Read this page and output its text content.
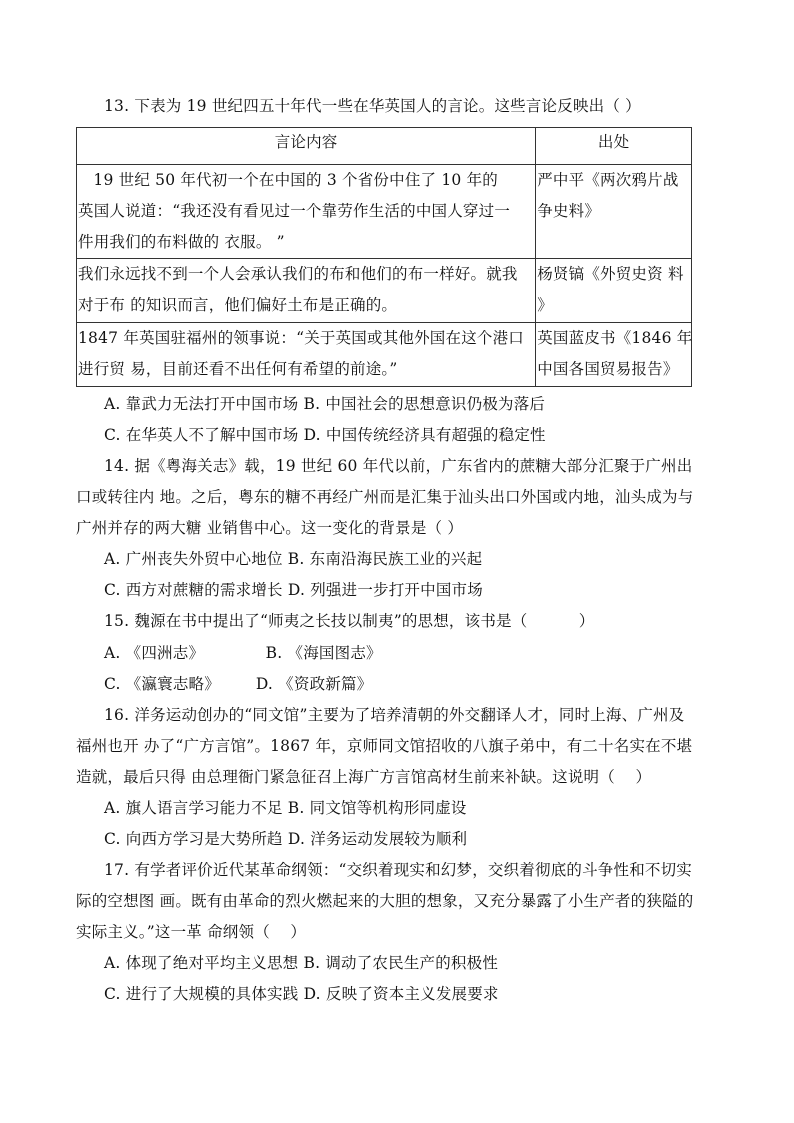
13. 下表为 19 世纪四五十年代一些在华英国人的言论。这些言论反映出（ ）
言论内容	出处

19 世纪 50 年代初一个在中国的 3 个省份中住了 10 年的
英国人说道：“我还没有看见过一个靠劳作生活的中国人穿过一
件用我们的布料做的 衣服。 ”	严中平《两次鸦片战
争史料》

我们永远找不到一个人会承认我们的布和他们的布一样好。就我
对于布 的知识而言，他们偏好土布是正确的。	杨贤镐《外贸史资 料
》

1847 年英国驻福州的领事说：“关于英国或其他外国在这个港口
进行贸 易，目前还看不出任何有希望的前途。”	英国蓝皮书《1846 年
中国各国贸易报告》
A. 靠武力无法打开中国市场 B. 中国社会的思想意识仍极为落后
C. 在华英人不了解中国市场 D. 中国传统经济具有超强的稳定性
14. 据《粤海关志》载，19 世纪 60 年代以前，广东省内的蔗糖大部分汇聚于广州出
口或转往内 地。之后，粤东的糖不再经广州而是汇集于汕头出口外国或内地，汕头成为与
广州并存的两大糖 业销售中心。这一变化的背景是（ ）
A. 广州丧失外贸中心地位 B. 东南沿海民族工业的兴起
C. 西方对蔗糖的需求增长 D. 列强进一步打开中国市场
15. 魏源在书中提出了“师夷之长技以制夷”的思想，该书是（          ）
A. 《四洲志》            B. 《海国图志》
C. 《瀛寰志略》       D. 《资政新篇》
16. 洋务运动创办的“同文馆”主要为了培养清朝的外交翻译人才，同时上海、广州及
福州也开 办了“广方言馆”。1867 年，京师同文馆招收的八旗子弟中，有二十名实在不堪
造就，最后只得 由总理衙门紧急征召上海广方言馆高材生前来补缺。这说明（    ）
A. 旗人语言学习能力不足 B. 同文馆等机构形同虚设
C. 向西方学习是大势所趋 D. 洋务运动发展较为顺利
17. 有学者评价近代某革命纲领：“交织着现实和幻梦，交织着彻底的斗争性和不切实
际的空想图 画。既有由革命的烈火燃起来的大胆的想象，又充分暴露了小生产者的狭隘的
实际主义。”这一革 命纲领（    ）
A. 体现了绝对平均主义思想 B. 调动了农民生产的积极性
C. 进行了大规模的具体实践 D. 反映了资本主义发展要求
